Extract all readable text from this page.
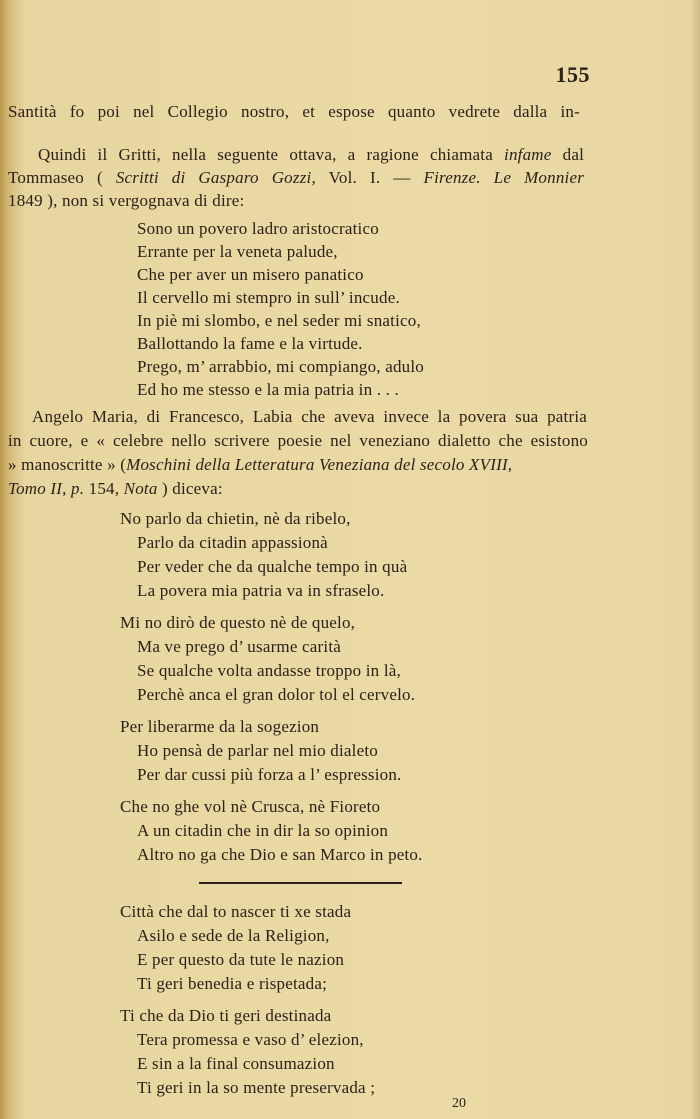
155
Santità fo poi nel Collegio nostro, et espose quanto vedrete dalla in-
Quindi il Gritti, nella seguente ottava, a ragione chiamata infame dal
Tommaseo ( Scritti di Gasparo Gozzi, Vol. I. — Firenze. Le Monnier
1849 ), non si vergognava di dire:
Sono un povero ladro aristocratico
Errante per la veneta palude,
Che per aver un misero panatico
Il cervello mi stempro in sull’ incude.
In piè mi slombo, e nel seder mi snatico,
Ballottando la fame e la virtude.
Prego, m’ arrabbio, mi compiango, adulo
Ed ho me stesso e la mia patria in . . .
Angelo Maria, di Francesco, Labia che aveva invece la povera sua patria
in cuore, e « celebre nello scrivere poesie nel veneziano dialetto che esistono
» manoscritte » (Moschini della Letteratura Veneziana del secolo XVIII,
Tomo II, p. 154, Nota ) diceva:
No parlo da chietin, nè da ribelo,
Parlo da citadin appassionà
Per veder che da qualche tempo in quà
La povera mia patria va in sfraselo.
Mi no dirò de questo nè de quelo,
Ma ve prego d’ usarme carità
Se qualche volta andasse troppo in là,
Perchè anca el gran dolor tol el cervelo.
Per liberarme da la sogezion
Ho pensà de parlar nel mio dialeto
Per dar cussi più forza a l’ espression.
Che no ghe vol nè Crusca, nè Fioreto
A un citadin che in dir la so opinion
Altro no ga che Dio e san Marco in peto.
Città che dal to nascer ti xe stada
Asilo e sede de la Religion,
E per questo da tute le nazion
Ti geri benedia e rispetada;
Ti che da Dio ti geri destinada
Tera promessa e vaso d’ elezion,
E sin a la final consumazion
Ti geri in la so mente preservada ;
20
